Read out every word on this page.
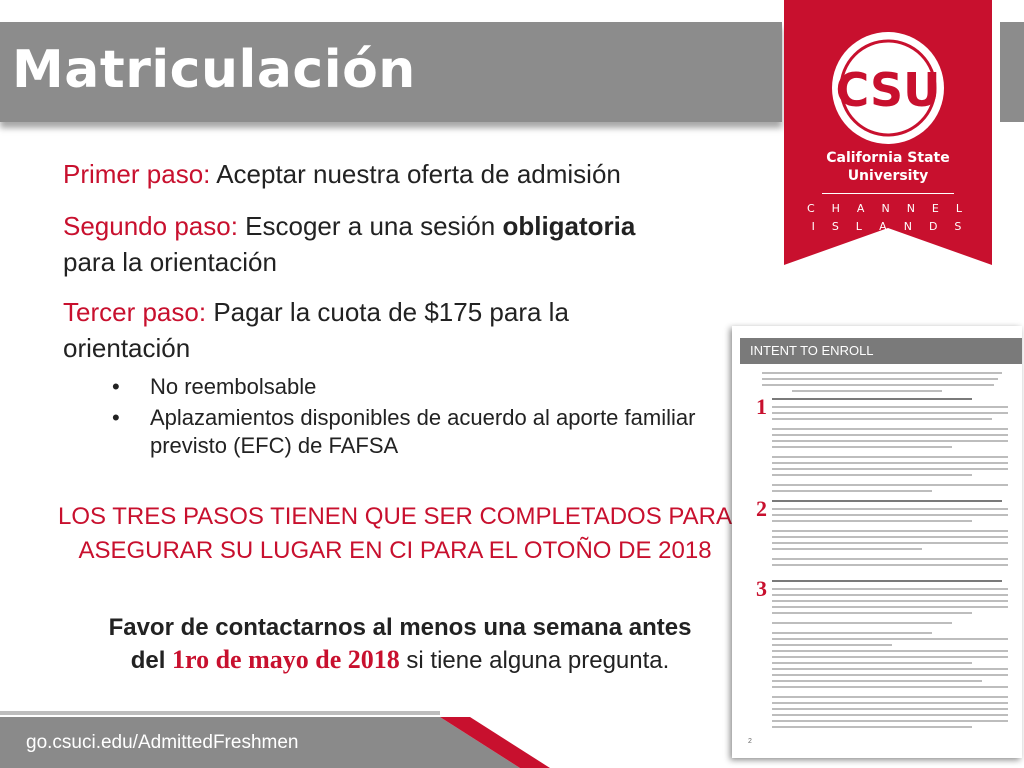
Matriculación	CSU
California State
University
CHANNEL
ISLANDS
Primer paso: Aceptar nuestra oferta de admisión
Segundo paso: Escoger a una sesión obligatoria
para la orientación
Tercer paso: Pagar la cuota de $175 para la
orientación
• No reembolsable
• Aplazamientos disponibles de acuerdo al aporte familiar previsto (EFC) de FAFSA
LOS TRES PASOS TIENEN QUE SER COMPLETADOS PARA ASEGURAR SU LUGAR EN CI PARA EL OTOÑO DE 2018
Favor de contactarnos al menos una semana antes
del 1ro de mayo de 2018 si tiene alguna pregunta.
INTENT TO ENROLL
1
2
3
2
go.csuci.edu/AdmittedFreshmen
